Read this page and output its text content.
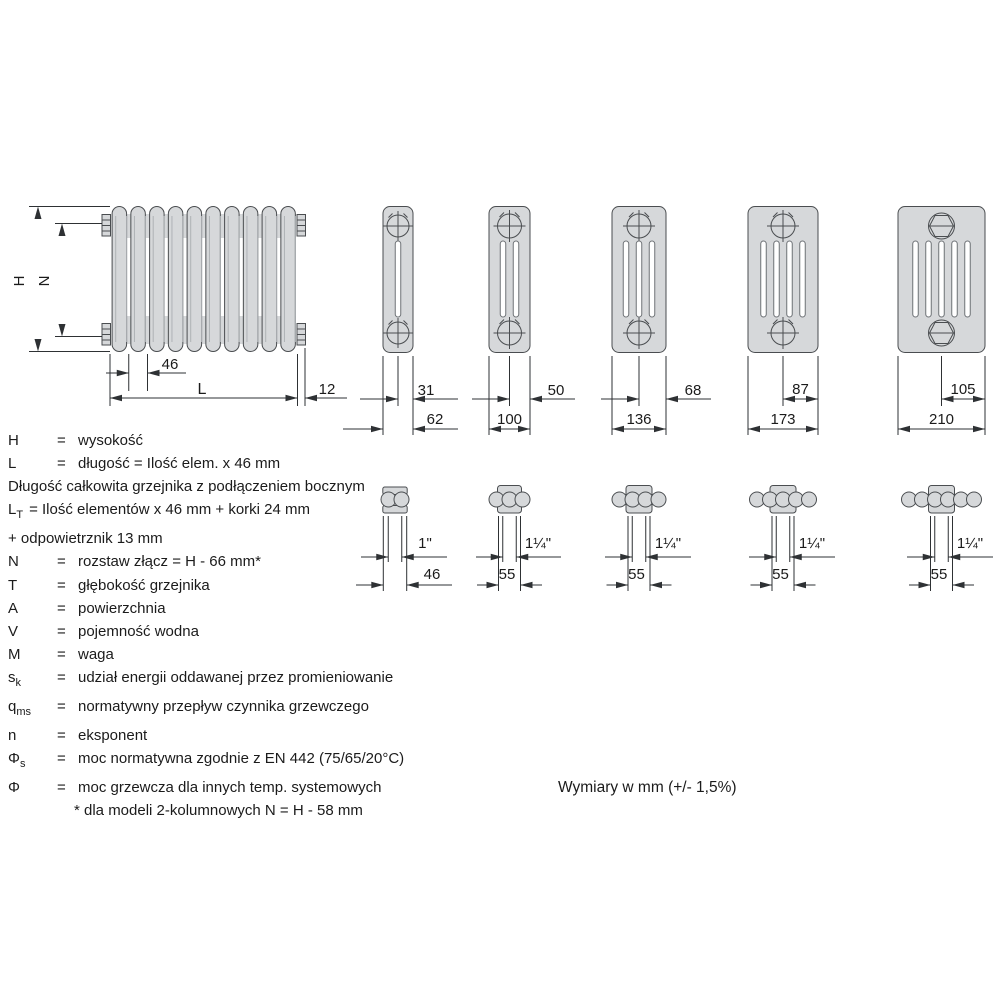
H N
46
L	12	31
62
50
100
68
136
87
173
105
210
1"
46
1¼"
55
1¼"
55
1¼"
55
1¼"
55
H	= wysokość
L	= długość = Ilość elem. x 46 mm
Długość całkowita grzejnika z podłączeniem bocznym
$L_T$ = Ilość elementów x 46 mm + korki 24 mm
+ odpowietrznik 13 mm
N	= rozstaw złącz = H - 66 mm*
T	= głębokość grzejnika
A	= powierzchnia
V	= pojemność wodna
M	= waga
$s_k$	= udział energii oddawanej przez promieniowanie
$q_{ms}$	= normatywny przepływ czynnika grzewczego
n	= eksponent
$\Phi_s$	= moc normatywna zgodnie z EN 442 (75/65/20°C)
Φ	= moc grzewcza dla innych temp. systemowych
* dla modeli 2-kolumnowych N = H - 58 mm
Wymiary w mm (+/- 1,5%)
